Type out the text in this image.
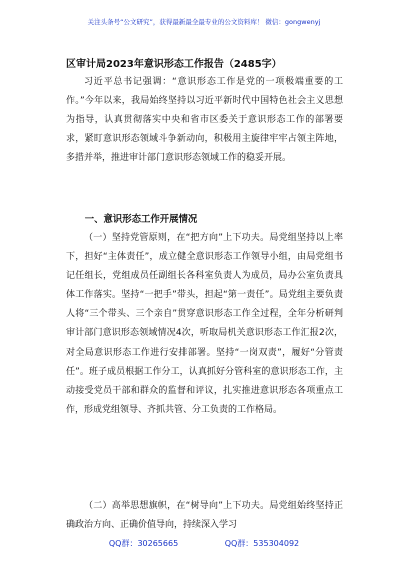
关注头条号“公文研究”，获得最新最全最专业的公文资料库！ 微信：gongwenyj
区审计局2023年意识形态工作报告（2485字）

习近平总书记强调：“意识形态工作是党的一项极端重要的工作。”今年以来，我局始终坚持以习近平新时代中国特色社会主义思想为指导，认真贯彻落实中央和省市区委关于意识形态工作的部署要求，紧盯意识形态领域斗争新动向，积极用主旋律牢牢占领主阵地，多措并举，推进审计部门意识形态领域工作的稳妥开展。

一、意识形态工作开展情况

（一）坚持党管原则，在“把方向”上下功夫。局党组坚持以上率下，担好“主体责任”，成立健全意识形态工作领导小组，由局党组书记任组长，党组成员任副组长各科室负责人为成员，局办公室负责具体工作落实。坚持“一把手”带头，担起“第一责任”。局党组主要负责人将“三个带头、三个亲自”贯穿意识形态工作全过程，全年分析研判审计部门意识形态领域情况4次，听取局机关意识形态工作汇报2次，对全局意识形态工作进行安排部署。坚持“一岗双责”，履好“分管责任”。班子成员根据工作分工，认真抓好分管科室的意识形态工作，主动接受党员干部和群众的监督和评议，扎实推进意识形态各项重点工作，形成党组领导、齐抓共管、分工负责的工作格局。

（二）高举思想旗帜，在“树导向”上下功夫。局党组始终坚持正确政治方向、正确价值导向，持续深入学习

QQ群：30265665	QQ群：535304092
